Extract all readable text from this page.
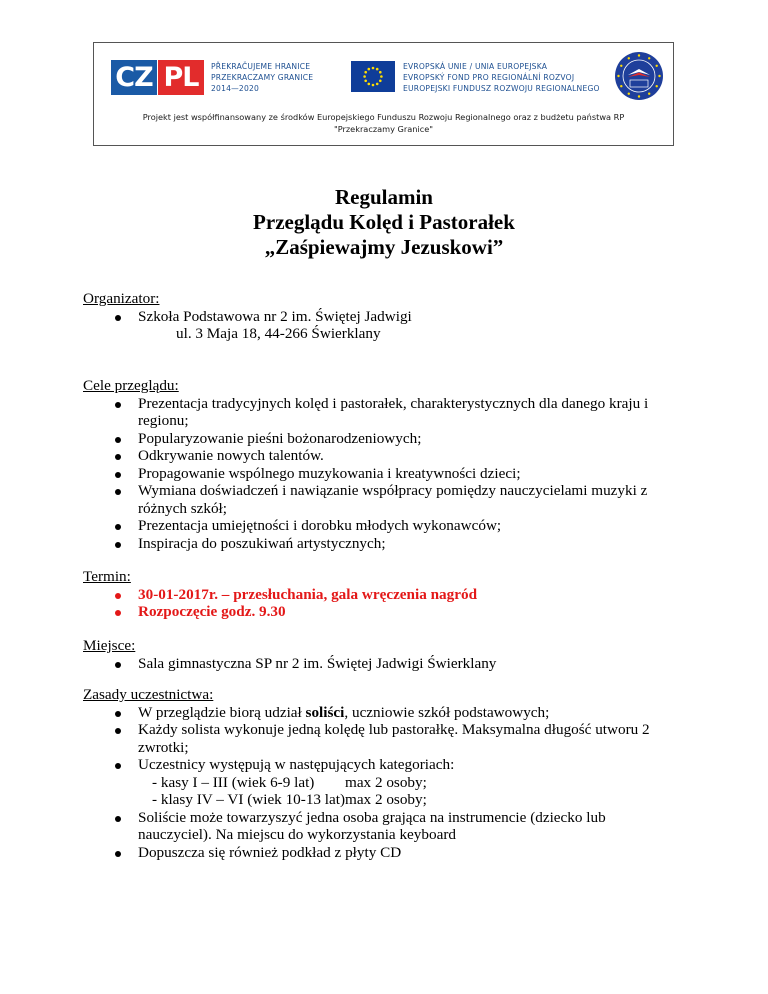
CZ PL	PŘEKRAČUJEME HRANICE
PRZEKRACZAMY GRANICE
2014—2020
EVROPSKÁ UNIE / UNIA EUROPEJSKA
EVROPSKÝ FOND PRO REGIONÁLNÍ ROZVOJ
EUROPEJSKI FUNDUSZ ROZWOJU REGIONALNEGO
Projekt jest współfinansowany ze środków Europejskiego Funduszu Rozwoju Regionalnego oraz z budżetu państwa RP
"Przekraczamy Granice"
Regulamin
Przeglądu Kolęd i Pastorałek
„Zaśpiewajmy Jezuskowi”
Organizator:
Szkoła Podstawowa nr 2 im. Świętej Jadwigi
ul. 3 Maja 18, 44-266 Świerklany
Cele przeglądu:
Prezentacja tradycyjnych kolęd i pastorałek, charakterystycznych dla danego kraju i regionu;
Popularyzowanie pieśni bożonarodzeniowych;
Odkrywanie nowych talentów.
Propagowanie wspólnego muzykowania i kreatywności dzieci;
Wymiana doświadczeń i nawiązanie współpracy pomiędzy nauczycielami muzyki z różnych szkół;
Prezentacja umiejętności i dorobku młodych wykonawców;
Inspiracja do poszukiwań artystycznych;
Termin:
30-01-2017r. – przesłuchania, gala wręczenia nagród
Rozpoczęcie godz. 9.30
Miejsce:
Sala gimnastyczna SP nr 2 im. Świętej Jadwigi Świerklany
Zasady uczestnictwa:
W przeglądzie biorą udział soliści, uczniowie szkół podstawowych;
Każdy solista wykonuje jedną kolędę lub pastorałkę. Maksymalna długość utworu 2 zwrotki;
Uczestnicy występują w następujących kategoriach:
- kasy I – III (wiek 6-9 lat) max 2 osoby;
- klasy IV – VI (wiek 10-13 lat) max 2 osoby;
Soliście może towarzyszyć jedna osoba grająca na instrumencie (dziecko lub nauczyciel). Na miejscu do wykorzystania keyboard
Dopuszcza się również podkład z płyty CD
